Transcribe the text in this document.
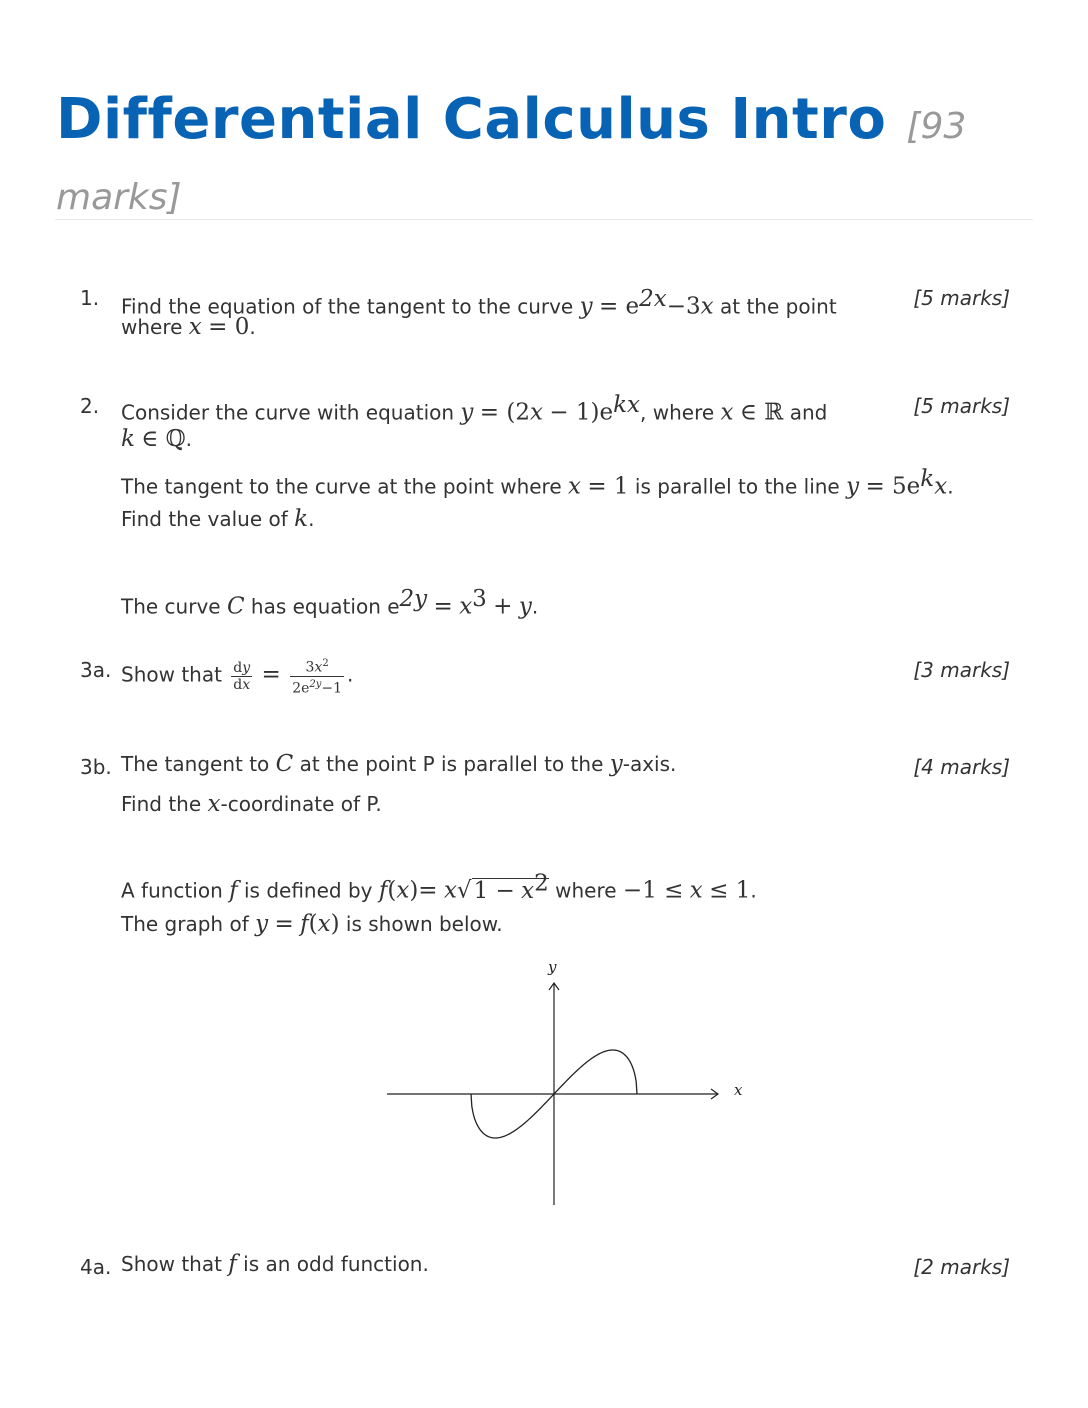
Differential Calculus Intro [93 marks]
1.	[5 marks]
Find the equation of the tangent to the curve $y = e^{2x}-3x$ at the point
where x = 0.
2.	[5 marks]
Consider the curve with equation $y = (2x - 1)e^{kx}$, where x ∈ ℝ and
k ∈ ℚ.
The tangent to the curve at the point where x = 1 is parallel to the line $y = 5e^kx$.
Find the value of k.
The curve C has equation $e^{2y} = x^3 + y$.
3a.	[3 marks]
Show that $\frac{dy}{dx} = \frac{3x^2}{2e^{2y}-1}$ .
3b.	[4 marks]
The tangent to C at the point P is parallel to the y-axis.
Find the x-coordinate of P.
A function f is defined by $f(x)= x√1 - x^2$ where −1 ≤ x ≤ 1.
The graph of y = f(x) is shown below.
x
y
4a.	[2 marks]
Show that f is an odd function.
